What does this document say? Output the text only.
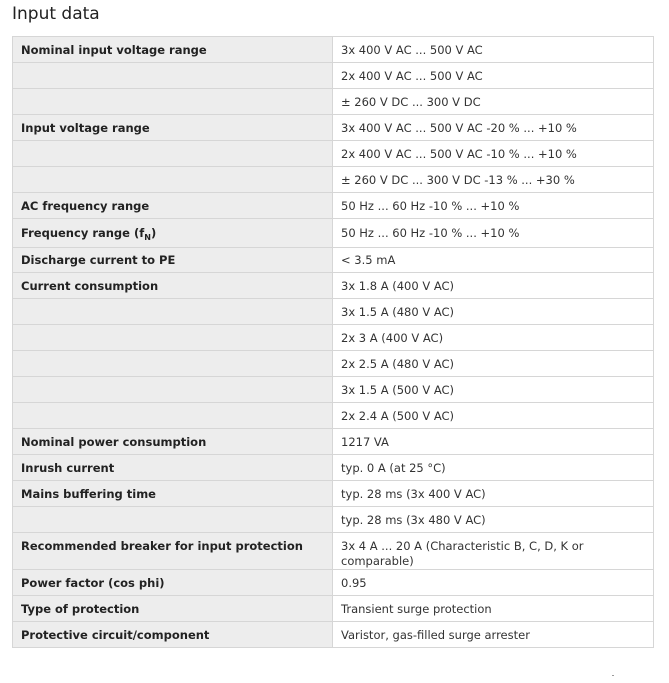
Input data
Nominal input voltage range	3x 400 V AC ... 500 V AC
	2x 400 V AC ... 500 V AC
	± 260 V DC ... 300 V DC
Input voltage range	3x 400 V AC ... 500 V AC -20 % ... +10 %
	2x 400 V AC ... 500 V AC -10 % ... +10 %
	± 260 V DC ... 300 V DC -13 % ... +30 %
AC frequency range	50 Hz ... 60 Hz -10 % ... +10 %
Frequency range $(f_N)$	50 Hz ... 60 Hz -10 % ... +10 %
Discharge current to PE	< 3.5 mA
Current consumption	3x 1.8 A (400 V AC)
	3x 1.5 A (480 V AC)
	2x 3 A (400 V AC)
	2x 2.5 A (480 V AC)
	3x 1.5 A (500 V AC)
	2x 2.4 A (500 V AC)
Nominal power consumption	1217 VA
Inrush current	typ. 0 A (at 25 °C)
Mains buffering time	typ. 28 ms (3x 400 V AC)
	typ. 28 ms (3x 480 V AC)
Recommended breaker for input protection	3x 4 A ... 20 A (Characteristic B, C, D, K or comparable)
Power factor (cos phi)	0.95
Type of protection	Transient surge protection
Protective circuit/component	Varistor, gas-filled surge arrester
